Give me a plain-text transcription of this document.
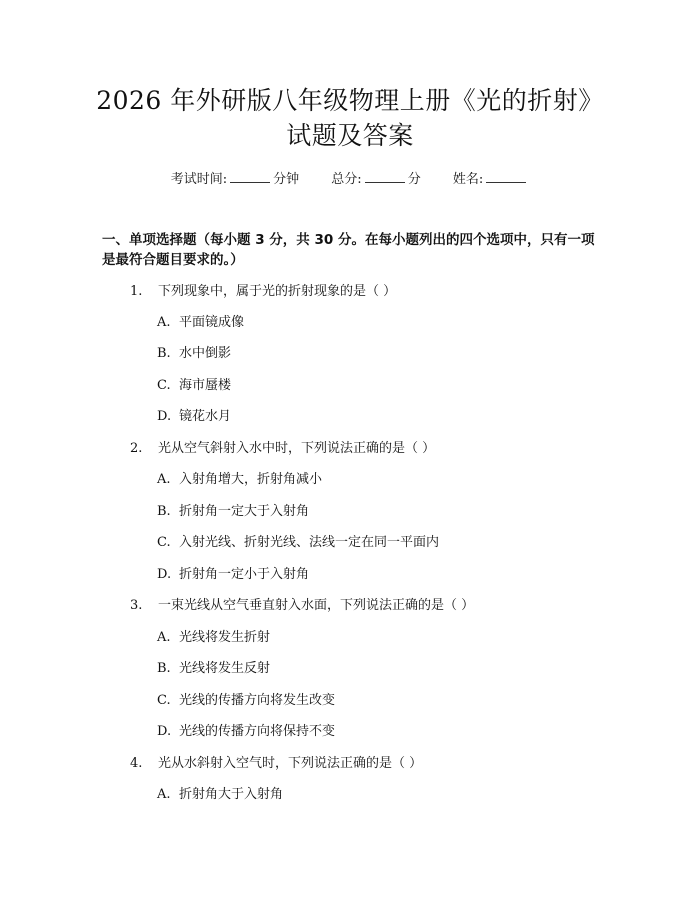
2026 年外研版八年级物理上册《光的折射》
试题及答案
考试时间:	分钟 总分:	分 姓名:
一、单项选择题（每小题 3 分，共 30 分。在每小题列出的四个选项中，只有一项
是最符合题目要求的。）
1. 下列现象中，属于光的折射现象的是（ ）
A. 平面镜成像
B. 水中倒影
C. 海市蜃楼
D. 镜花水月
2. 光从空气斜射入水中时，下列说法正确的是（ ）
A. 入射角增大，折射角减小
B. 折射角一定大于入射角
C. 入射光线、折射光线、法线一定在同一平面内
D. 折射角一定小于入射角
3. 一束光线从空气垂直射入水面，下列说法正确的是（ ）
A. 光线将发生折射
B. 光线将发生反射
C. 光线的传播方向将发生改变
D. 光线的传播方向将保持不变
4. 光从水斜射入空气时，下列说法正确的是（ ）
A. 折射角大于入射角
